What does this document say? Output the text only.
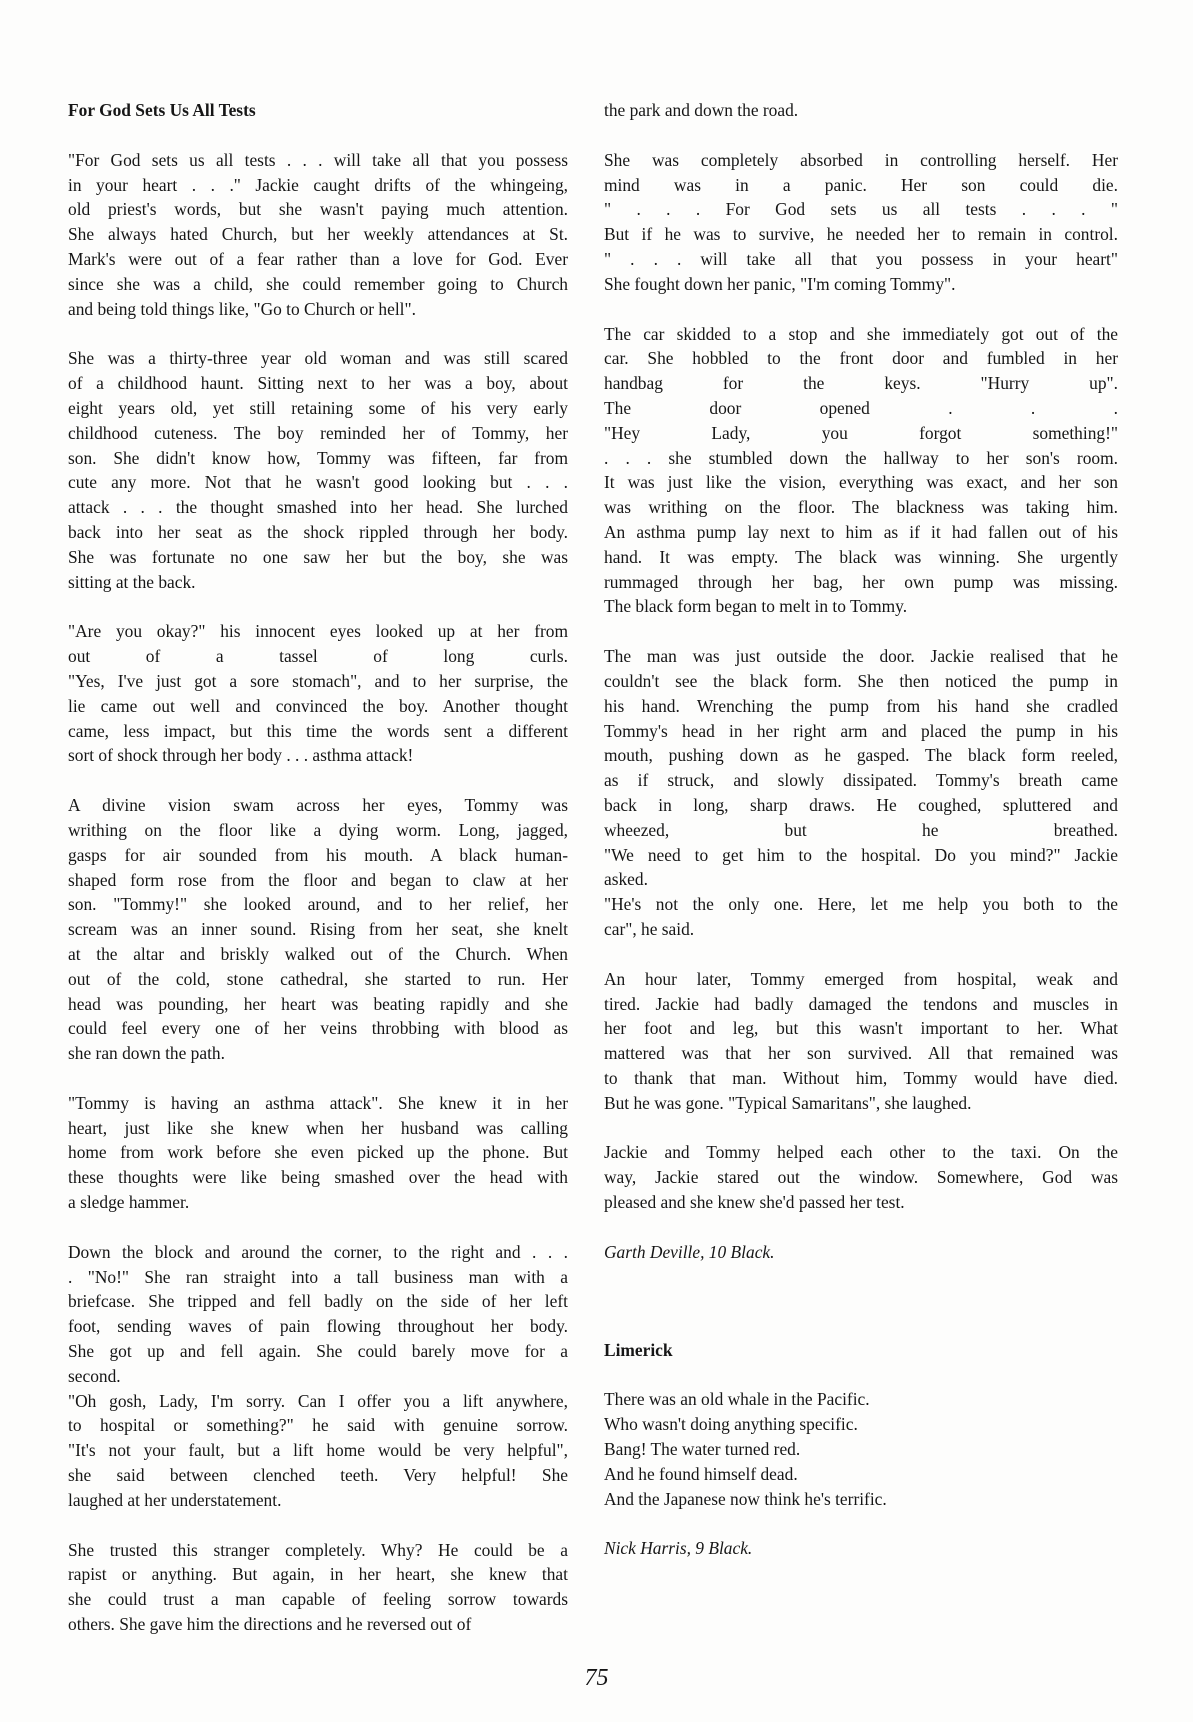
For God Sets Us All Tests
"For God sets us all tests . . . will take all that you possess
in your heart . . ." Jackie caught drifts of the whingeing,
old priest's words, but she wasn't paying much attention.
She always hated Church, but her weekly attendances at St.
Mark's were out of a fear rather than a love for God. Ever
since she was a child, she could remember going to Church
and being told things like, "Go to Church or hell".
She was a thirty-three year old woman and was still scared
of a childhood haunt. Sitting next to her was a boy, about
eight years old, yet still retaining some of his very early
childhood cuteness. The boy reminded her of Tommy, her
son. She didn't know how, Tommy was fifteen, far from
cute any more. Not that he wasn't good looking but . . .
attack . . . the thought smashed into her head. She lurched
back into her seat as the shock rippled through her body.
She was fortunate no one saw her but the boy, she was
sitting at the back.
"Are you okay?" his innocent eyes looked up at her from
out of a tassel of long curls.
"Yes, I've just got a sore stomach", and to her surprise, the
lie came out well and convinced the boy. Another thought
came, less impact, but this time the words sent a different
sort of shock through her body . . . asthma attack!
A divine vision swam across her eyes, Tommy was
writhing on the floor like a dying worm. Long, jagged,
gasps for air sounded from his mouth. A black human-
shaped form rose from the floor and began to claw at her
son. "Tommy!" she looked around, and to her relief, her
scream was an inner sound. Rising from her seat, she knelt
at the altar and briskly walked out of the Church. When
out of the cold, stone cathedral, she started to run. Her
head was pounding, her heart was beating rapidly and she
could feel every one of her veins throbbing with blood as
she ran down the path.
"Tommy is having an asthma attack". She knew it in her
heart, just like she knew when her husband was calling
home from work before she even picked up the phone. But
these thoughts were like being smashed over the head with
a sledge hammer.
Down the block and around the corner, to the right and . . .
. "No!" She ran straight into a tall business man with a
briefcase. She tripped and fell badly on the side of her left
foot, sending waves of pain flowing throughout her body.
She got up and fell again. She could barely move for a
second.
"Oh gosh, Lady, I'm sorry. Can I offer you a lift anywhere,
to hospital or something?" he said with genuine sorrow.
"It's not your fault, but a lift home would be very helpful",
she said between clenched teeth. Very helpful! She
laughed at her understatement.
She trusted this stranger completely. Why? He could be a
rapist or anything. But again, in her heart, she knew that
she could trust a man capable of feeling sorrow towards
others. She gave him the directions and he reversed out of
the park and down the road.
She was completely absorbed in controlling herself. Her
mind was in a panic. Her son could die.
" . . . For God sets us all tests . . . "
But if he was to survive, he needed her to remain in control.
" . . . will take all that you possess in your heart"
She fought down her panic, "I'm coming Tommy".
The car skidded to a stop and she immediately got out of the
car. She hobbled to the front door and fumbled in her
handbag for the keys. "Hurry up".
The door opened . . .
"Hey Lady, you forgot something!"
. . . she stumbled down the hallway to her son's room.
It was just like the vision, everything was exact, and her son
was writhing on the floor. The blackness was taking him.
An asthma pump lay next to him as if it had fallen out of his
hand. It was empty. The black was winning. She urgently
rummaged through her bag, her own pump was missing.
The black form began to melt in to Tommy.
The man was just outside the door. Jackie realised that he
couldn't see the black form. She then noticed the pump in
his hand. Wrenching the pump from his hand she cradled
Tommy's head in her right arm and placed the pump in his
mouth, pushing down as he gasped. The black form reeled,
as if struck, and slowly dissipated. Tommy's breath came
back in long, sharp draws. He coughed, spluttered and
wheezed, but he breathed.
"We need to get him to the hospital. Do you mind?" Jackie
asked.
"He's not the only one. Here, let me help you both to the
car", he said.
An hour later, Tommy emerged from hospital, weak and
tired. Jackie had badly damaged the tendons and muscles in
her foot and leg, but this wasn't important to her. What
mattered was that her son survived. All that remained was
to thank that man. Without him, Tommy would have died.
But he was gone. "Typical Samaritans", she laughed.
Jackie and Tommy helped each other to the taxi. On the
way, Jackie stared out the window. Somewhere, God was
pleased and she knew she'd passed her test.
Garth Deville, 10 Black.
Limerick
There was an old whale in the Pacific.
Who wasn't doing anything specific.
Bang! The water turned red.
And he found himself dead.
And the Japanese now think he's terrific.
Nick Harris, 9 Black.
75
